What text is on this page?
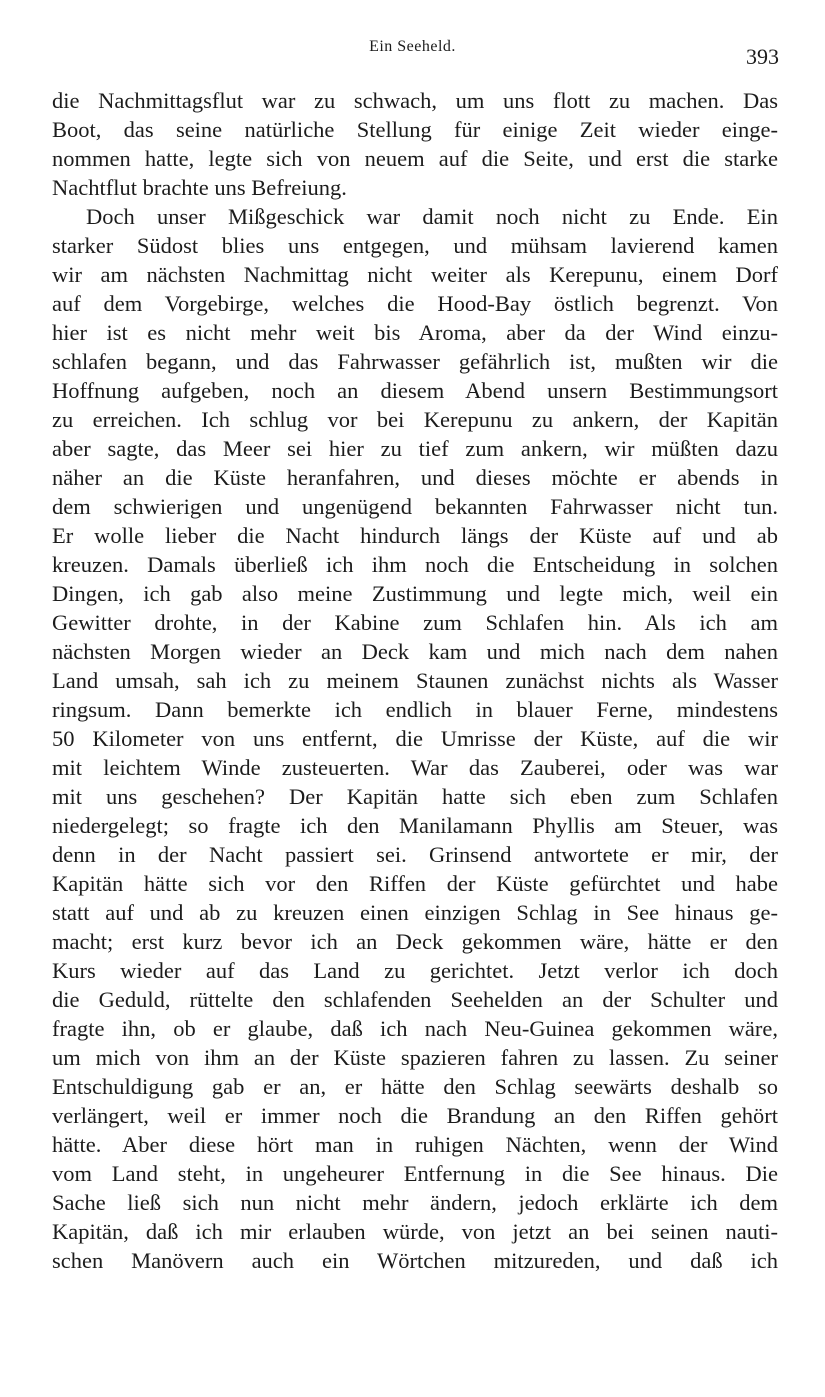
Ein Seeheld.	393
die Nachmittagsflut war zu schwach, um uns flott zu machen. Das
Boot, das seine natürliche Stellung für einige Zeit wieder einge-
nommen hatte, legte sich von neuem auf die Seite, und erst die starke
Nachtflut brachte uns Befreiung.
Doch unser Mißgeschick war damit noch nicht zu Ende. Ein
starker Südost blies uns entgegen, und mühsam lavierend kamen
wir am nächsten Nachmittag nicht weiter als Kerepunu, einem Dorf
auf dem Vorgebirge, welches die Hood-Bay östlich begrenzt. Von
hier ist es nicht mehr weit bis Aroma, aber da der Wind einzu-
schlafen begann, und das Fahrwasser gefährlich ist, mußten wir die
Hoffnung aufgeben, noch an diesem Abend unsern Bestimmungsort
zu erreichen. Ich schlug vor bei Kerepunu zu ankern, der Kapitän
aber sagte, das Meer sei hier zu tief zum ankern, wir müßten dazu
näher an die Küste heranfahren, und dieses möchte er abends in
dem schwierigen und ungenügend bekannten Fahrwasser nicht tun.
Er wolle lieber die Nacht hindurch längs der Küste auf und ab
kreuzen. Damals überließ ich ihm noch die Entscheidung in solchen
Dingen, ich gab also meine Zustimmung und legte mich, weil ein
Gewitter drohte, in der Kabine zum Schlafen hin. Als ich am
nächsten Morgen wieder an Deck kam und mich nach dem nahen
Land umsah, sah ich zu meinem Staunen zunächst nichts als Wasser
ringsum. Dann bemerkte ich endlich in blauer Ferne, mindestens
50 Kilometer von uns entfernt, die Umrisse der Küste, auf die wir
mit leichtem Winde zusteuerten. War das Zauberei, oder was war
mit uns geschehen? Der Kapitän hatte sich eben zum Schlafen
niedergelegt; so fragte ich den Manilamann Phyllis am Steuer, was
denn in der Nacht passiert sei. Grinsend antwortete er mir, der
Kapitän hätte sich vor den Riffen der Küste gefürchtet und habe
statt auf und ab zu kreuzen einen einzigen Schlag in See hinaus ge-
macht; erst kurz bevor ich an Deck gekommen wäre, hätte er den
Kurs wieder auf das Land zu gerichtet. Jetzt verlor ich doch
die Geduld, rüttelte den schlafenden Seehelden an der Schulter und
fragte ihn, ob er glaube, daß ich nach Neu-Guinea gekommen wäre,
um mich von ihm an der Küste spazieren fahren zu lassen. Zu seiner
Entschuldigung gab er an, er hätte den Schlag seewärts deshalb so
verlängert, weil er immer noch die Brandung an den Riffen gehört
hätte. Aber diese hört man in ruhigen Nächten, wenn der Wind
vom Land steht, in ungeheurer Entfernung in die See hinaus. Die
Sache ließ sich nun nicht mehr ändern, jedoch erklärte ich dem
Kapitän, daß ich mir erlauben würde, von jetzt an bei seinen nauti-
schen Manövern auch ein Wörtchen mitzureden, und daß ich
